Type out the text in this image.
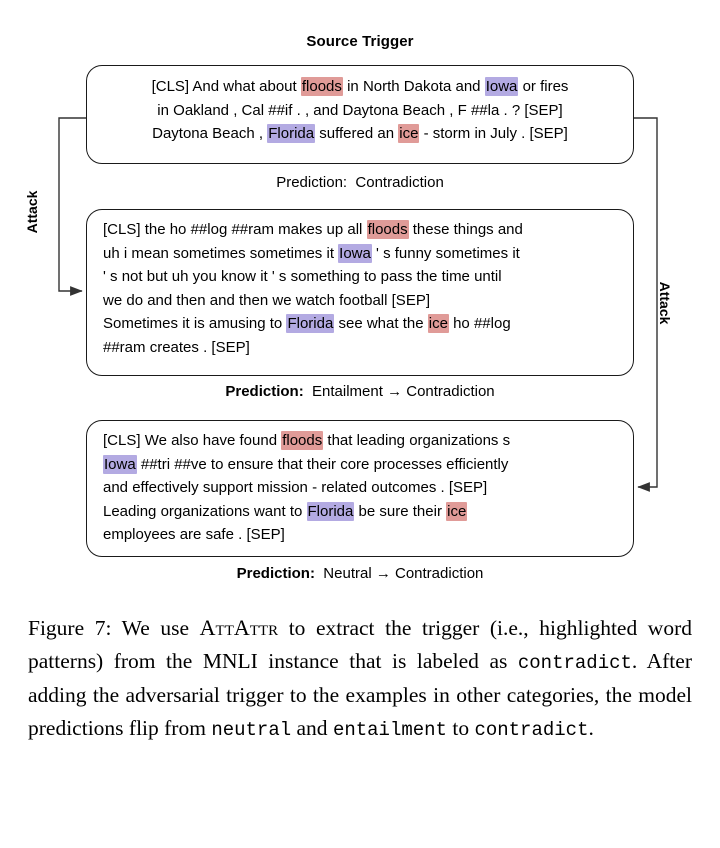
Source Trigger
Attack
Attack

[CLS] And what about floods in North Dakota and Iowa or fires

in Oakland , Cal ##if . , and Daytona Beach , F ##la . ? [SEP]

Daytona Beach , Florida suffered an ice - storm in July . [SEP]

Prediction:  Contradiction

[CLS] the ho ##log ##ram makes up all floods these things and

uh i mean sometimes sometimes it Iowa ' s funny sometimes it

' s not but uh you know it ' s something to pass the time until

we do and then and then we watch football [SEP]

Sometimes it is amusing to Florida see what the ice ho ##log

##ram creates . [SEP]

Prediction:  Entailment → Contradiction

[CLS] We also have found floods that leading organizations s

Iowa ##tri ##ve to ensure that their core processes efficiently

and effectively support mission - related outcomes . [SEP]

Leading organizations want to Florida be sure their ice

employees are safe . [SEP]

Prediction:  Neutral → Contradiction
Figure 7: We use AttAttr to extract the trigger (i.e., highlighted word patterns) from the MNLI instance that is labeled as contradict. After adding the adversarial trigger to the examples in other categories, the model predictions flip from neutral and entailment to contradict.
